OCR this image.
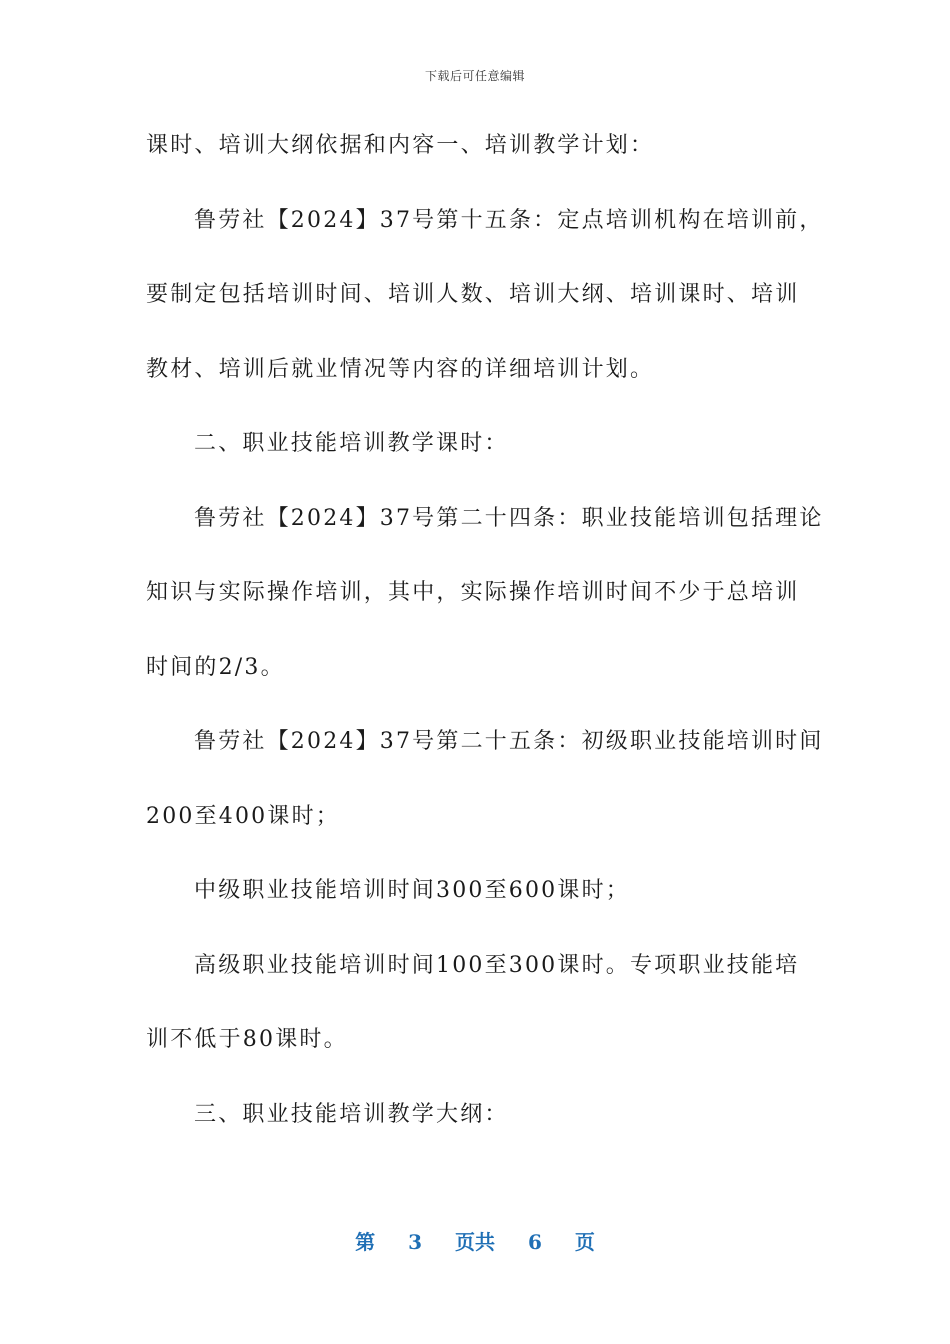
下载后可任意编辑
课时、培训大纲依据和内容一、培训教学计划：
鲁劳社【2024】37号第十五条：定点培训机构在培训前，
要制定包括培训时间、培训人数、培训大纲、培训课时、培训
教材、培训后就业情况等内容的详细培训计划。
二、职业技能培训教学课时：
鲁劳社【2024】37号第二十四条：职业技能培训包括理论
知识与实际操作培训，其中，实际操作培训时间不少于总培训
时间的2/3。
鲁劳社【2024】37号第二十五条：初级职业技能培训时间
200至400课时；
中级职业技能培训时间300至600课时；
高级职业技能培训时间100至300课时。专项职业技能培
训不低于80课时。
三、职业技能培训教学大纲：
第 3 页共 6 页
